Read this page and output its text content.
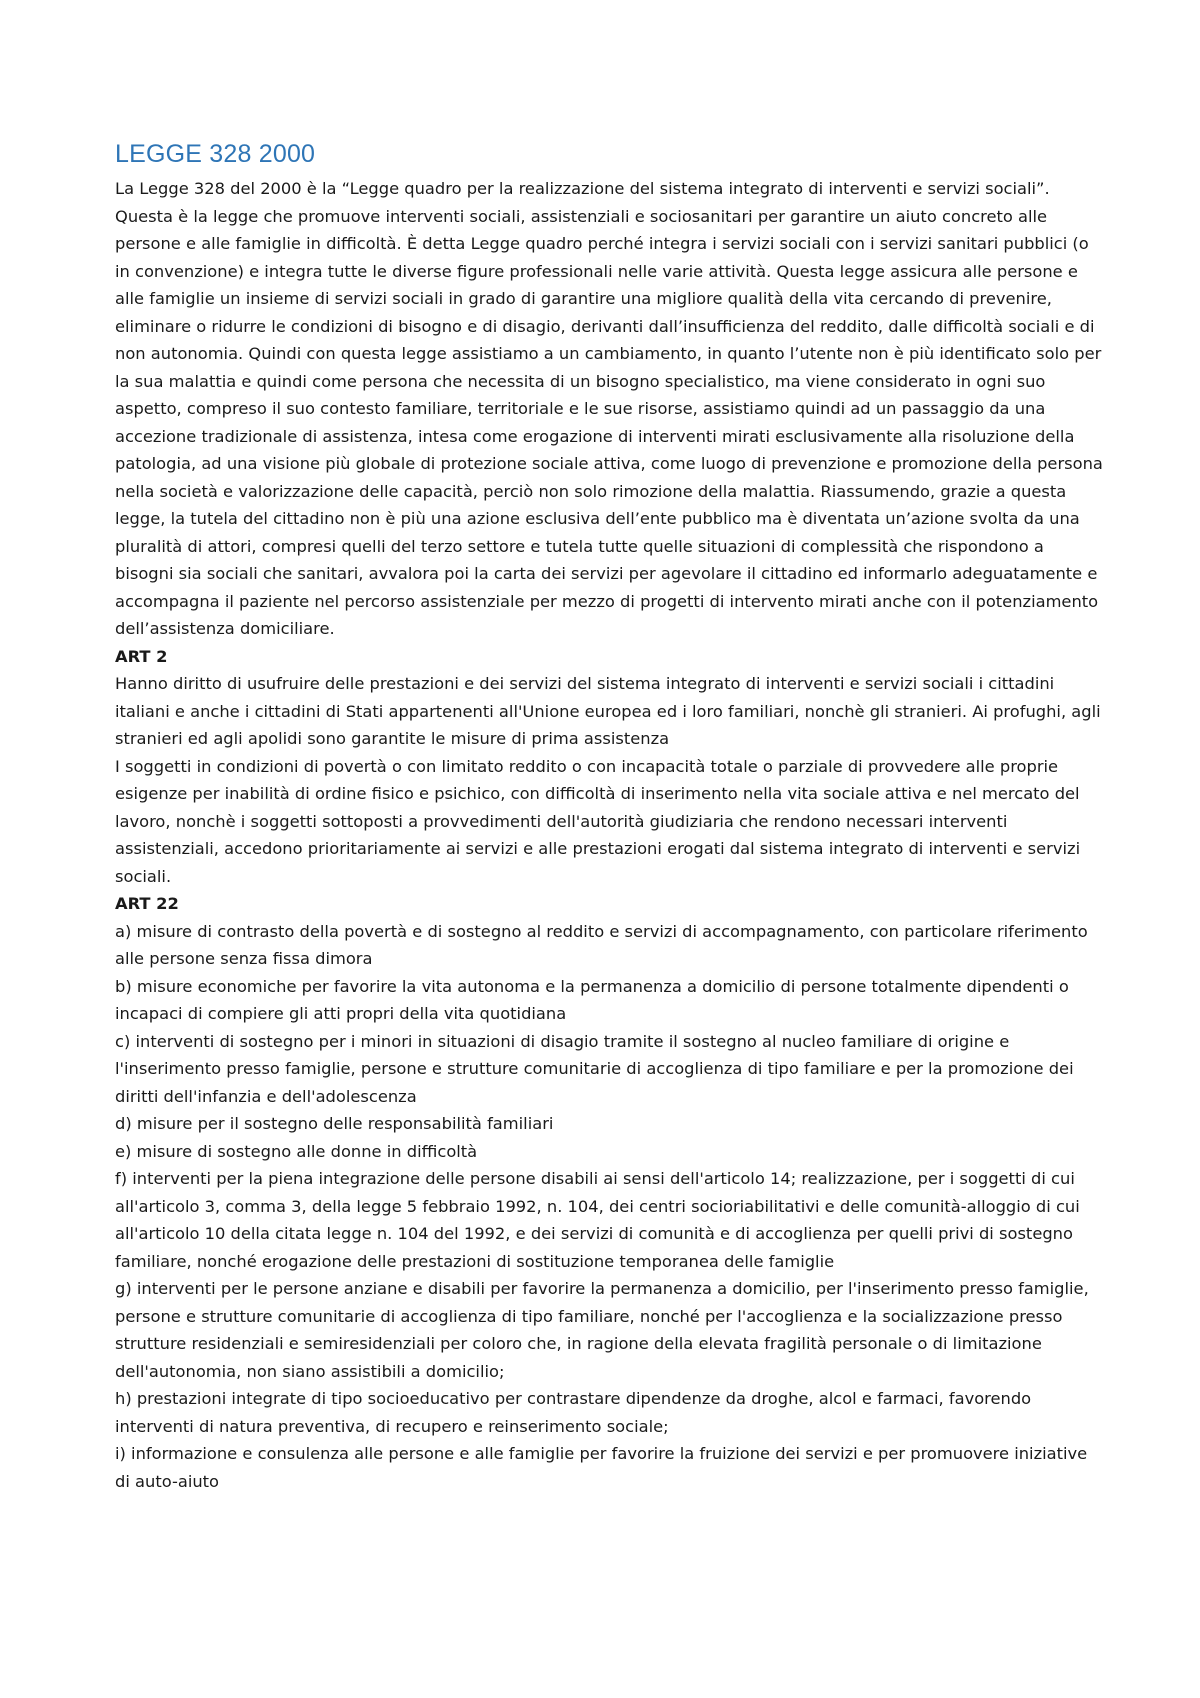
LEGGE 328 2000

La Legge 328 del 2000 è la “Legge quadro per la realizzazione del sistema integrato di interventi e servizi sociali”. Questa è la legge che promuove interventi sociali, assistenziali e sociosanitari per garantire un aiuto concreto alle persone e alle famiglie in difficoltà. È detta Legge quadro perché integra i servizi sociali con i servizi sanitari pubblici (o in convenzione) e integra tutte le diverse figure professionali nelle varie attività. Questa legge assicura alle persone e alle famiglie un insieme di servizi sociali in grado di garantire una migliore qualità della vita cercando di prevenire, eliminare o ridurre le condizioni di bisogno e di disagio, derivanti dall’insufficienza del reddito, dalle difficoltà sociali e di non autonomia. Quindi con questa legge assistiamo a un cambiamento, in quanto l’utente non è più identificato solo per la sua malattia e quindi come persona che necessita di un bisogno specialistico, ma viene considerato in ogni suo aspetto, compreso il suo contesto familiare, territoriale e le sue risorse, assistiamo quindi ad un passaggio da una accezione tradizionale di assistenza, intesa come erogazione di interventi mirati esclusivamente alla risoluzione della patologia, ad una visione più globale di protezione sociale attiva, come luogo di prevenzione e promozione della persona nella società e valorizzazione delle capacità, perciò non solo rimozione della malattia. Riassumendo, grazie a questa legge, la tutela del cittadino non è più una azione esclusiva dell’ente pubblico ma è diventata un’azione svolta da una pluralità di attori, compresi quelli del terzo settore e tutela tutte quelle situazioni di complessità che rispondono a bisogni sia sociali che sanitari, avvalora poi la carta dei servizi per agevolare il cittadino ed informarlo adeguatamente e accompagna il paziente nel percorso assistenziale per mezzo di progetti di intervento mirati anche con il potenziamento dell’assistenza domiciliare.

ART 2

Hanno diritto di usufruire delle prestazioni e dei servizi del sistema integrato di interventi e servizi sociali i cittadini italiani e anche i cittadini di Stati appartenenti all'Unione europea ed i loro familiari, nonchè gli stranieri. Ai profughi, agli stranieri ed agli apolidi sono garantite le misure di prima assistenza

I soggetti in condizioni di povertà o con limitato reddito o con incapacità totale o parziale di provvedere alle proprie esigenze per inabilità di ordine fisico e psichico, con difficoltà di inserimento nella vita sociale attiva e nel mercato del lavoro, nonchè i soggetti sottoposti a provvedimenti dell'autorità giudiziaria che rendono necessari interventi assistenziali, accedono prioritariamente ai servizi e alle prestazioni erogati dal sistema integrato di interventi e servizi sociali.

ART 22

a) misure di contrasto della povertà e di sostegno al reddito e servizi di accompagnamento, con particolare riferimento alle persone senza fissa dimora

b) misure economiche per favorire la vita autonoma e la permanenza a domicilio di persone totalmente dipendenti o incapaci di compiere gli atti propri della vita quotidiana

c) interventi di sostegno per i minori in situazioni di disagio tramite il sostegno al nucleo familiare di origine e l'inserimento presso famiglie, persone e strutture comunitarie di accoglienza di tipo familiare e per la promozione dei diritti dell'infanzia e dell'adolescenza

d) misure per il sostegno delle responsabilità familiari

e) misure di sostegno alle donne in difficoltà

f) interventi per la piena integrazione delle persone disabili ai sensi dell'articolo 14; realizzazione, per i soggetti di cui all'articolo 3, comma 3, della legge 5 febbraio 1992, n. 104, dei centri socioriabilitativi e delle comunità-alloggio di cui all'articolo 10 della citata legge n. 104 del 1992, e dei servizi di comunità e di accoglienza per quelli privi di sostegno familiare, nonché erogazione delle prestazioni di sostituzione temporanea delle famiglie

g) interventi per le persone anziane e disabili per favorire la permanenza a domicilio, per l'inserimento presso famiglie, persone e strutture comunitarie di accoglienza di tipo familiare, nonché per l'accoglienza e la socializzazione presso strutture residenziali e semiresidenziali per coloro che, in ragione della elevata fragilità personale o di limitazione dell'autonomia, non siano assistibili a domicilio;

h) prestazioni integrate di tipo socioeducativo per contrastare dipendenze da droghe, alcol e farmaci, favorendo interventi di natura preventiva, di recupero e reinserimento sociale;

i) informazione e consulenza alle persone e alle famiglie per favorire la fruizione dei servizi e per promuovere iniziative di auto-aiuto
